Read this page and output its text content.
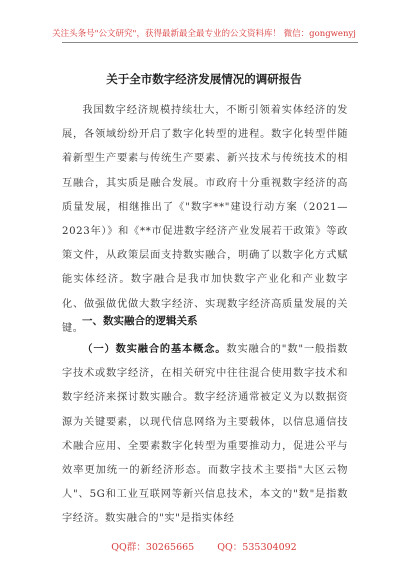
关注头条号"公文研究"，获得最新最全最专业的公文资料库！ 微信：gongwenyj
关于全市数字经济发展情况的调研报告

我国数字经济规模持续壮大，不断引领着实体经济的发展，各领域纷纷开启了数字化转型的进程。数字化转型伴随着新型生产要素与传统生产要素、新兴技术与传统技术的相互融合，其实质是融合发展。市政府十分重视数字经济的高质量发展，相继推出了《"数字**"建设行动方案（2021—2023年）》和《**市促进数字经济产业发展若干政策》等政策文件，从政策层面支持数实融合，明确了以数字化方式赋能实体经济。数字融合是我市加快数字产业化和产业数字化、做强做优做大数字经济、实现数字经济高质量发展的关键。

一、数实融合的逻辑关系

（一）数实融合的基本概念。数实融合的"数"一般指数字技术或数字经济，在相关研究中往往混合使用数字技术和数字经济来探讨数实融合。数字经济通常被定义为以数据资源为关键要素，以现代信息网络为主要载体，以信息通信技术融合应用、全要素数字化转型为重要推动力，促进公平与效率更加统一的新经济形态。而数字技术主要指"大区云物人"、5G和工业互联网等新兴信息技术，本文的"数"是指数字经济。数实融合的"实"是指实体经

QQ群：30265665 QQ：535304092
